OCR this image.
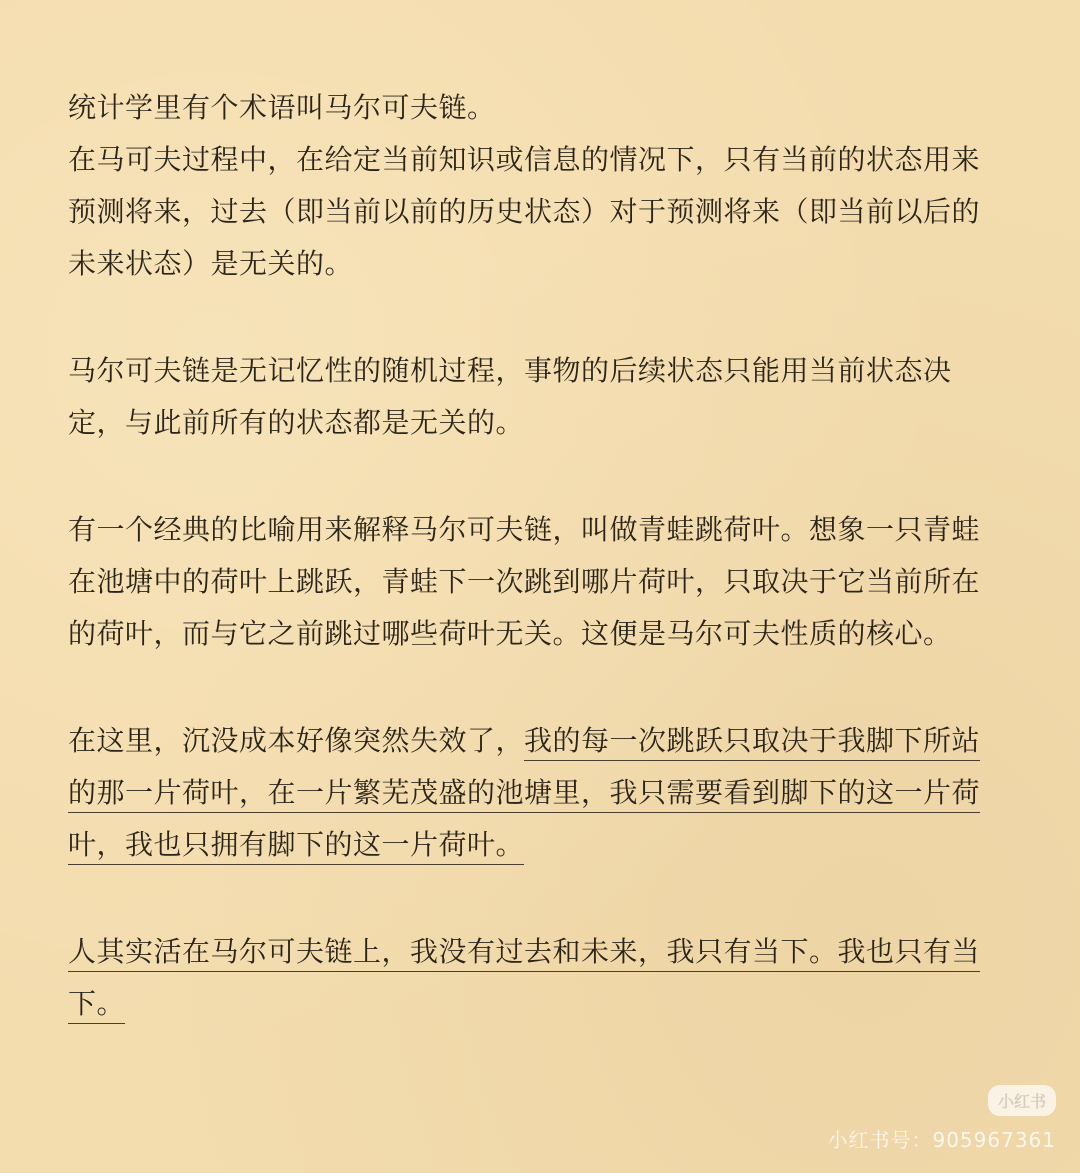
统计学里有个术语叫马尔可夫链。
在马可夫过程中，在给定当前知识或信息的情况下，只有当前的状态用来预测将来，过去（即当前以前的历史状态）对于预测将来（即当前以后的未来状态）是无关的。

马尔可夫链是无记忆性的随机过程，事物的后续状态只能用当前状态决定，与此前所有的状态都是无关的。

有一个经典的比喻用来解释马尔可夫链，叫做青蛙跳荷叶。想象一只青蛙在池塘中的荷叶上跳跃，青蛙下一次跳到哪片荷叶，只取决于它当前所在的荷叶，而与它之前跳过哪些荷叶无关。这便是马尔可夫性质的核心。

在这里，沉没成本好像突然失效了，我的每一次跳跃只取决于我脚下所站的那一片荷叶，在一片繁芜茂盛的池塘里，我只需要看到脚下的这一片荷叶，我也只拥有脚下的这一片荷叶。

人其实活在马尔可夫链上，我没有过去和未来，我只有当下。我也只有当下。

小红书
小红书号：905967361
